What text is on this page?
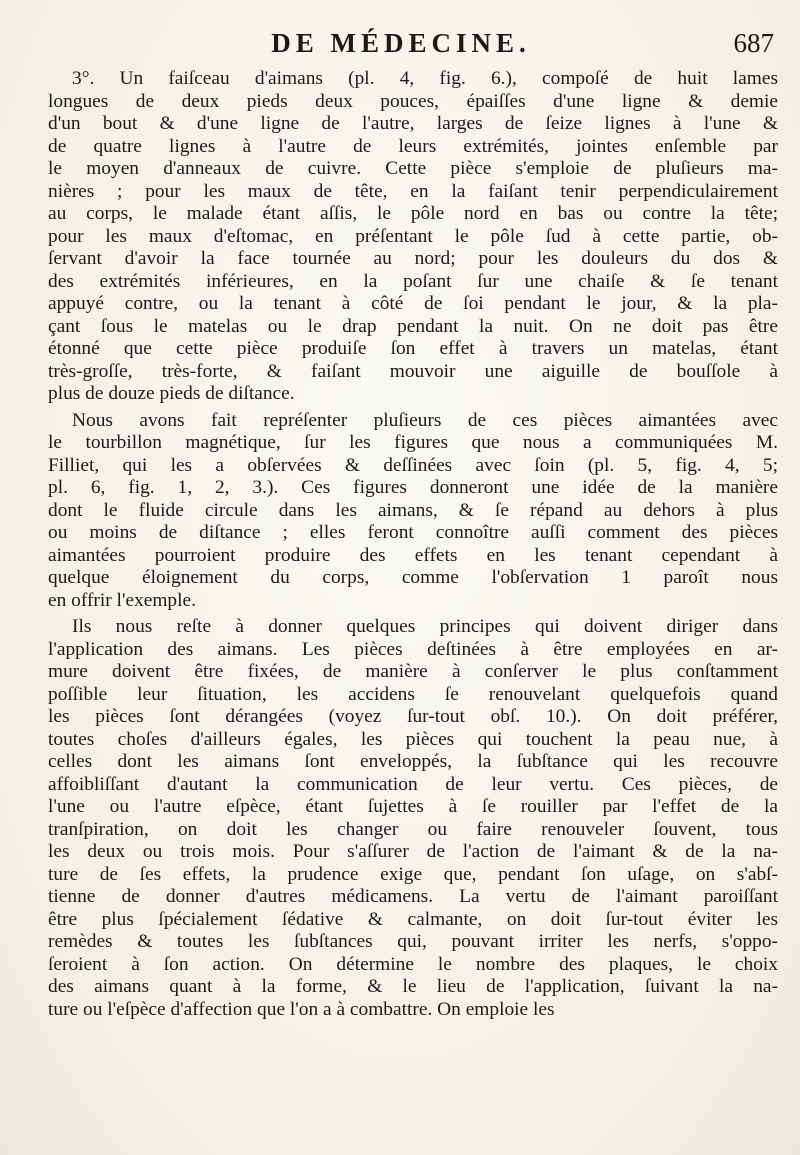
DE MÉDECINE.	687
3°. Un faiſceau d'aimans (pl. 4, fig. 6.), compoſé de huit lames
longues de deux pieds deux pouces, épaiſſes d'une ligne & demie
d'un bout & d'une ligne de l'autre, larges de ſeize lignes à l'une &
de quatre lignes à l'autre de leurs extrémités, jointes enſemble par
le moyen d'anneaux de cuivre. Cette pièce s'emploie de pluſieurs ma-
nières ; pour les maux de tête, en la faiſant tenir perpendiculairement
au corps, le malade étant aſſis, le pôle nord en bas ou contre la tête;
pour les maux d'eſtomac, en préſentant le pôle ſud à cette partie, ob-
ſervant d'avoir la face tournée au nord; pour les douleurs du dos &
des extrémités inférieures, en la poſant ſur une chaiſe & ſe tenant
appuyé contre, ou la tenant à côté de ſoi pendant le jour, & la pla-
çant ſous le matelas ou le drap pendant la nuit. On ne doit pas être
étonné que cette pièce produiſe ſon effet à travers un matelas, étant
très-groſſe, très-forte, & faiſant mouvoir une aiguille de bouſſole à
plus de douze pieds de diſtance.
Nous avons fait repréſenter pluſieurs de ces pièces aimantées avec
le tourbillon magnétique, ſur les figures que nous a communiquées M.
Filliet, qui les a obſervées & deſſinées avec ſoin (pl. 5, fig. 4, 5;
pl. 6, fig. 1, 2, 3.). Ces figures donneront une idée de la manière
dont le fluide circule dans les aimans, & ſe répand au dehors à plus
ou moins de diſtance ; elles feront connoître auſſi comment des pièces
aimantées pourroient produire des effets en les tenant cependant à
quelque éloignement du corps, comme l'obſervation 1 paroît nous
en offrir l'exemple.
Ils nous reſte à donner quelques principes qui doivent diriger dans
l'application des aimans. Les pièces deſtinées à être employées en ar-
mure doivent être fixées, de manière à conſerver le plus conſtamment
poſſible leur ſituation, les accidens ſe renouvelant quelquefois quand
les pièces ſont dérangées (voyez ſur-tout obſ. 10.). On doit préférer,
toutes choſes d'ailleurs égales, les pièces qui touchent la peau nue, à
celles dont les aimans ſont enveloppés, la ſubſtance qui les recouvre
affoibliſſant d'autant la communication de leur vertu. Ces pièces, de
l'une ou l'autre eſpèce, étant ſujettes à ſe rouiller par l'effet de la
tranſpiration, on doit les changer ou faire renouveler ſouvent, tous
les deux ou trois mois. Pour s'aſſurer de l'action de l'aimant & de la na-
ture de ſes effets, la prudence exige que, pendant ſon uſage, on s'abſ-
tienne de donner d'autres médicamens. La vertu de l'aimant paroiſſant
être plus ſpécialement ſédative & calmante, on doit ſur-tout éviter les
remèdes & toutes les ſubſtances qui, pouvant irriter les nerfs, s'oppo-
ſeroient à ſon action. On détermine le nombre des plaques, le choix
des aimans quant à la forme, & le lieu de l'application, ſuivant la na-
ture ou l'eſpèce d'affection que l'on a à combattre. On emploie les
